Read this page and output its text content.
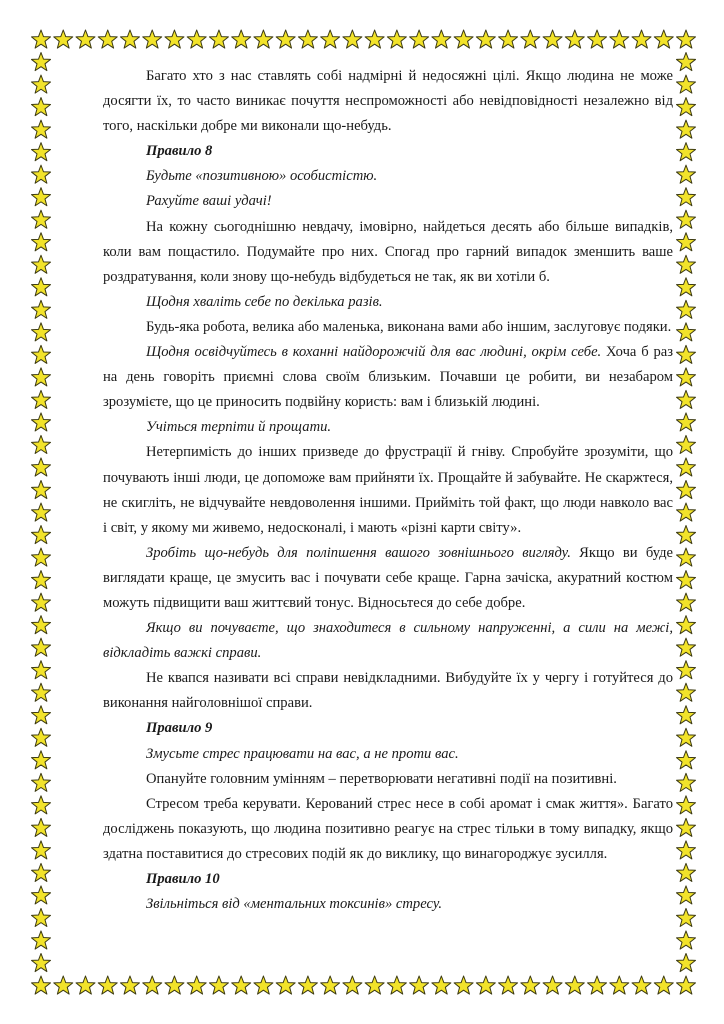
Багато хто з нас ставлять собі надмірні й недосяжні цілі. Якщо людина не може досягти їх, то часто виникає почуття неспроможності або невідповідності незалежно від того, наскільки добре ми виконали що-небудь.

Правило 8

Будьте «позитивною» особистістю.

Рахуйте ваші удачі!

На кожну сьогоднішню невдачу, імовірно, найдеться десять або більше випадків, коли вам пощастило. Подумайте про них. Спогад про гарний випадок зменшить ваше роздратування, коли знову що-небудь відбудеться не так, як ви хотіли б.

Щодня хваліть себе по декілька разів.

Будь-яка робота, велика або маленька, виконана вами або іншим, заслуговує подяки.

Щодня освідчуйтесь в коханні найдорожчій для вас людині, окрім себе. Хоча б раз на день говоріть приємні слова своїм близьким. Почавши це робити, ви незабаром зрозумієте, що це приносить подвійну користь: вам і близькій людині.

Учіться терпіти й прощати.

Нетерпимість до інших призведе до фрустрації й гніву. Спробуйте зрозуміти, що почувають інші люди, це допоможе вам прийняти їх. Прощайте й забувайте. Не скаржтеся, не скигліть, не відчувайте невдоволення іншими. Прийміть той факт, що люди навколо вас і світ, у якому ми живемо, недосконалі, і мають «різні карти світу».

Зробіть що-небудь для поліпшення вашого зовнішнього вигляду. Якщо ви буде виглядати краще, це змусить вас і почувати себе краще. Гарна зачіска, акуратний костюм можуть підвищити ваш життєвий тонус. Відносьтеся до себе добре.

Якщо ви почуваєте, що знаходитеся в сильному напруженні, а сили на межі, відкладіть важкі справи.

Не квапся називати всі справи невідкладними. Вибудуйте їх у чергу і готуйтеся до виконання найголовнішої справи.

Правило 9

Змусьте стрес працювати на вас, а не проти вас.

Опануйте головним умінням – перетворювати негативні події на позитивні.

Стресом треба керувати. Керований стрес несе в собі аромат і смак життя». Багато досліджень показують, що людина позитивно реагує на стрес тільки в тому випадку, якщо здатна поставитися до стресових подій як до виклику, що винагороджує зусилля.

Правило 10

Звільніться від «ментальних токсинів» стресу.
